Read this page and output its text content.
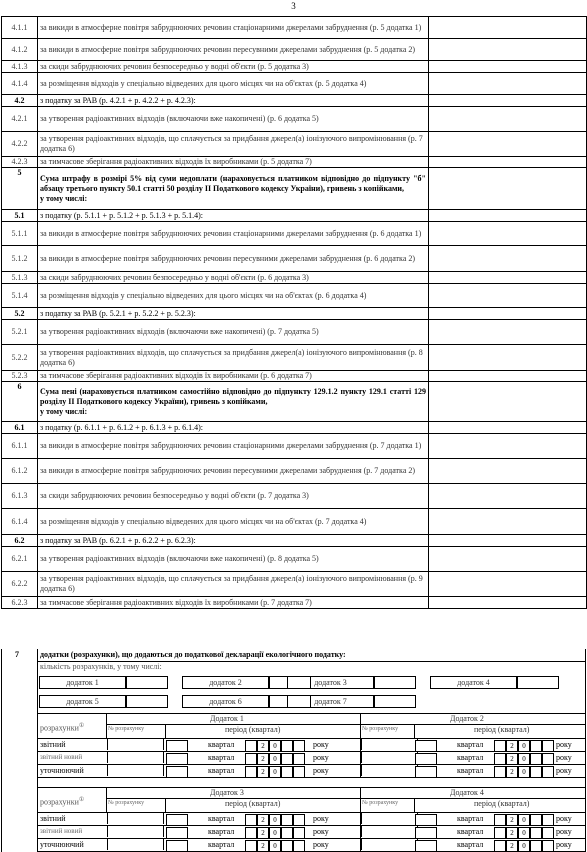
3
4.1.1	за викиди в атмосферне повітря забруднюючих речовин стаціонарними джерелами забруднення (р. 5 додатка 1)	
4.1.2	за викиди в атмосферне повітря забруднюючих речовин пересувними джерелами забруднення (р. 5 додатка 2)	
4.1.3	за скиди забруднюючих речовин безпосередньо у водні об'єкти (р. 5 додатка 3)	
4.1.4	за розміщення відходів у спеціально відведених для цього місцях чи на об'єктах (р. 5 додатка 4)	
4.2	з податку за РАВ (р. 4.2.1 + р. 4.2.2 + р. 4.2.3):	
4.2.1	за утворення радіоактивних відходів (включаючи вже накопичені) (р. 6 додатка 5)	
4.2.2	за утворення радіоактивних відходів, що сплачується за придбання джерел(а) іонізуючого випромінювання (р. 7 додатка 6)	
4.2.3	за тимчасове зберігання радіоактивних відходів їх виробниками (р. 5 додатка 7)	
5	Сума штрафу в розмірі 5% від суми недоплати (нараховується платником відповідно до підпункту "б" абзацу третього пункту 50.1 статті 50 розділу II Податкового кодексу України), гривень з копійками,
у тому числі:	
5.1	з податку (р. 5.1.1 + р. 5.1.2 + р. 5.1.3 + р. 5.1.4):	
5.1.1	за викиди в атмосферне повітря забруднюючих речовин стаціонарними джерелами забруднення (р. 6 додатка 1)	
5.1.2	за викиди в атмосферне повітря забруднюючих речовин пересувними джерелами забруднення (р. 6 додатка 2)	
5.1.3	за скиди забруднюючих речовин безпосередньо у водні об'єкти (р. 6 додатка 3)	
5.1.4	за розміщення відходів у спеціально відведених для цього місцях чи на об'єктах (р. 6 додатка 4)	
5.2	з податку за РАВ (р. 5.2.1 + р. 5.2.2 + р. 5.2.3):	
5.2.1	за утворення радіоактивних відходів (включаючи вже накопичені) (р. 7 додатка 5)	
5.2.2	за утворення радіоактивних відходів, що сплачується за придбання джерел(а) іонізуючого випромінювання (р. 8 додатка 6)	
5.2.3	за тимчасове зберігання радіоактивних відходів їх виробниками (р. 6 додатка 7)	
6	Сума пені (нараховується платником самостійно відповідно до підпункту 129.1.2 пункту 129.1 статті 129 розділу II Податкового кодексу України), гривень з копійками,
у тому числі:	
6.1	з податку (р. 6.1.1 + р. 6.1.2 + р. 6.1.3 + р. 6.1.4):	
6.1.1	за викиди в атмосферне повітря забруднюючих речовин стаціонарними джерелами забруднення (р. 7 додатка 1)	
6.1.2	за викиди в атмосферне повітря забруднюючих речовин пересувними джерелами забруднення (р. 7 додатка 2)	
6.1.3	за скиди забруднюючих речовин безпосередньо у водні об'єкти (р. 7 додатка 3)	
6.1.4	за розміщення відходів у спеціально відведених для цього місцях чи на об'єктах (р. 7 додатка 4)	
6.2	з податку за РАВ (р. 6.2.1 + р. 6.2.2 + р. 6.2.3):	
6.2.1	за утворення радіоактивних відходів (включаючи вже накопичені) (р. 8 додатка 5)	
6.2.2	за утворення радіоактивних відходів, що сплачується за придбання джерел(а) іонізуючого випромінювання (р. 9 додатка 6)	
6.2.3	за тимчасове зберігання радіоактивних відходів їх виробниками (р. 7 додатка 7)	
7	додатки (розрахунки), що додаються до податкової декларації екологічного податку:
кількість розрахунків, у тому числі:
додаток 1	додаток 2	додаток 3	додаток 4
додаток 5	додаток 6	додаток 7
розрахунки①
Додаток 1	Додаток 2
№ розрахунку	період (квартал)	№ розрахунку	період (квартал)
звітний	квартал	2	0	року	квартал	2	0	року
звітний новий	квартал	2	0	року	квартал	2	0	року
уточнюючий	квартал	2	0	року	квартал	2	0	року
розрахунки①
Додаток 3	Додаток 4
№ розрахунку	період (квартал)	№ розрахунку	період (квартал)
звітний	квартал	2	0	року	квартал	2	0	року
звітний новий	квартал	2	0	року	квартал	2	0	року
уточнюючий	квартал	2	0	року	квартал	2	0	року
